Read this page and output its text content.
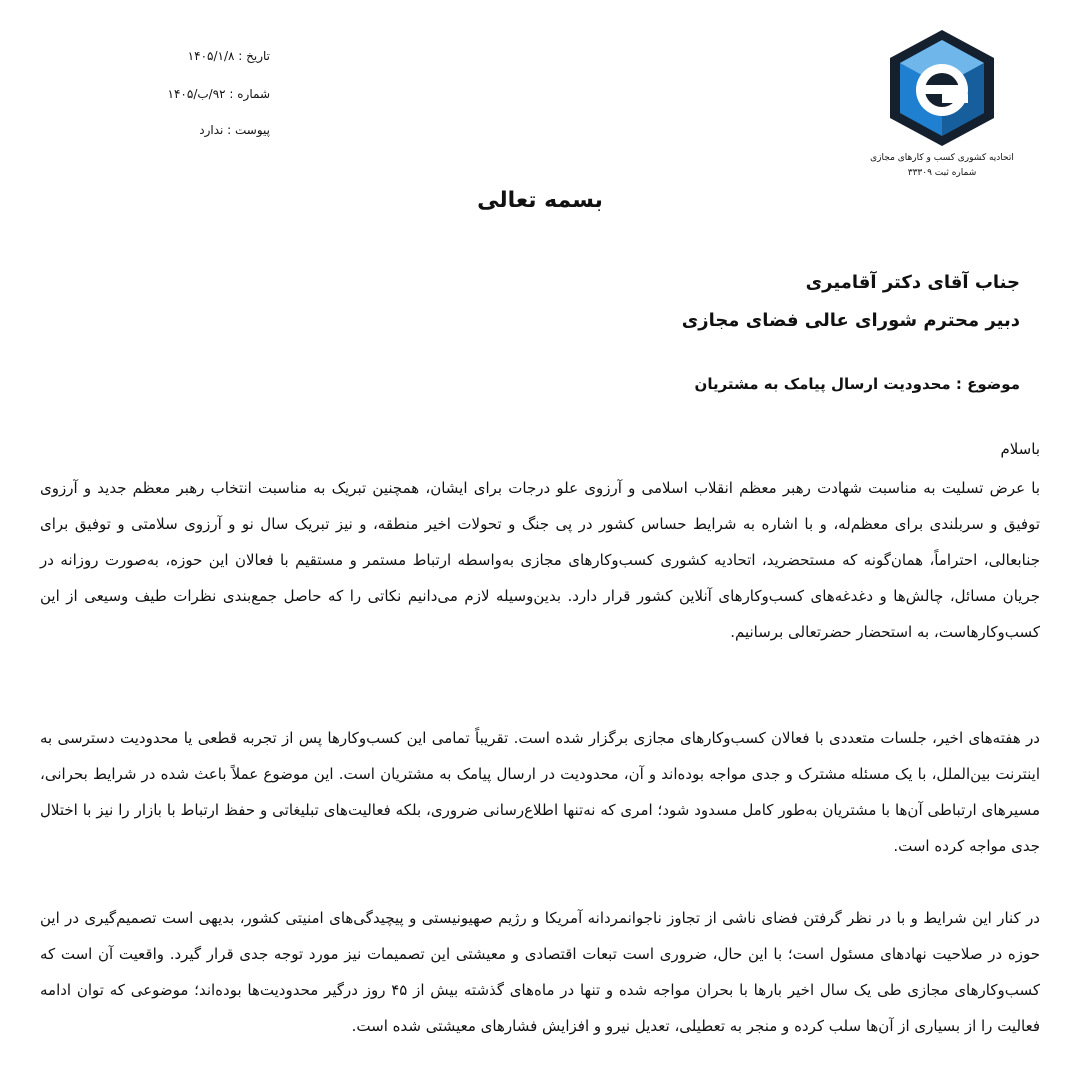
اتحادیه کشوری کسب و کارهای مجازی
شماره ثبت ۳۳۳۰۹
تاریخ : ۱۴۰۵/۱/۸
شماره : ۹۲/ب/۱۴۰۵
پیوست : ندارد
بسمه تعالی
جناب آقای دکتر آقامیری
دبیر محترم شورای عالی فضای مجازی
موضوع : محدودیت ارسال پیامک به مشتریان
باسلام
با عرض تسلیت به مناسبت شهادت رهبر معظم انقلاب اسلامی و آرزوی علو درجات برای ایشان، همچنین تبریک به مناسبت انتخاب رهبر معظم جدید و آرزوی توفیق و سربلندی برای معظم‌له، و با اشاره به شرایط حساس کشور در پی جنگ و تحولات اخیر منطقه، و نیز تبریک سال نو و آرزوی سلامتی و توفیق برای جنابعالی، احتراماً، همان‌گونه که مستحضرید، اتحادیه کشوری کسب‌وکارهای مجازی به‌واسطه ارتباط مستمر و مستقیم با فعالان این حوزه، به‌صورت روزانه در جریان مسائل، چالش‌ها و دغدغه‌های کسب‌وکارهای آنلاین کشور قرار دارد. بدین‌وسیله لازم می‌دانیم نکاتی را که حاصل جمع‌بندی نظرات طیف وسیعی از این کسب‌وکارهاست، به استحضار حضرتعالی برسانیم.
در هفته‌های اخیر، جلسات متعددی با فعالان کسب‌وکارهای مجازی برگزار شده است. تقریباً تمامی این کسب‌وکارها پس از تجربه قطعی یا محدودیت دسترسی به اینترنت بین‌الملل، با یک مسئله مشترک و جدی مواجه بوده‌اند و آن، محدودیت در ارسال پیامک به مشتریان است. این موضوع عملاً باعث شده در شرایط بحرانی، مسیرهای ارتباطی آن‌ها با مشتریان به‌طور کامل مسدود شود؛ امری که نه‌تنها اطلاع‌رسانی ضروری، بلکه فعالیت‌های تبلیغاتی و حفظ ارتباط با بازار را نیز با اختلال جدی مواجه کرده است.
در کنار این شرایط و با در نظر گرفتن فضای ناشی از تجاوز ناجوانمردانه آمریکا و رژیم صهیونیستی و پیچیدگی‌های امنیتی کشور، بدیهی است تصمیم‌گیری در این حوزه در صلاحیت نهادهای مسئول است؛ با این حال، ضروری است تبعات اقتصادی و معیشتی این تصمیمات نیز مورد توجه جدی قرار گیرد. واقعیت آن است که کسب‌وکارهای مجازی طی یک سال اخیر بارها با بحران مواجه شده و تنها در ماه‌های گذشته بیش از ۴۵ روز درگیر محدودیت‌ها بوده‌اند؛ موضوعی که توان ادامه فعالیت را از بسیاری از آن‌ها سلب کرده و منجر به تعطیلی، تعدیل نیرو و افزایش فشارهای معیشتی شده است.
